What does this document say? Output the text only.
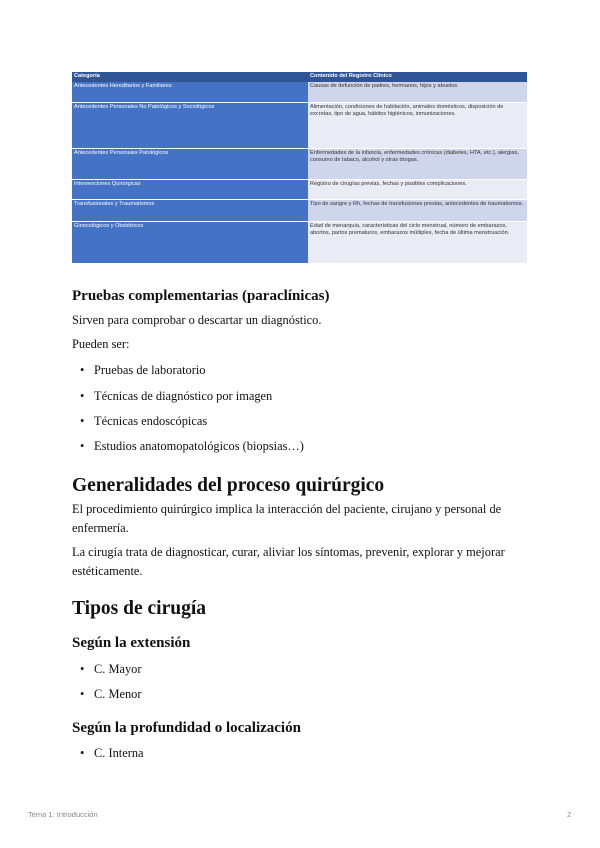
Categoría	Contenido del Registro Clínico
Antecedentes Hereditarios y Familiares	Causas de defunción de padres, hermanos, hijos y abuelos.
Antecedentes Personales No Patológicos y Sociológicos	Alimentación, condiciones de habitación, animales domésticos, disposición de excretas, tipo de agua, hábitos higiénicos, inmunizaciones.
Antecedentes Personales Patológicos	Enfermedades de la infancia, enfermedades crónicas (diabetes, HTA, etc.), alergias, consumo de tabaco, alcohol y otras drogas.
Intervenciones Quirúrgicas	Registro de cirugías previas, fechas y posibles complicaciones.
Transfusionales y Traumatismos	Tipo de sangre y Rh, fechas de transfusiones previas, antecedentes de traumatismos.
Ginecológicos y Obstétricos	Edad de menarquía, características del ciclo menstrual, número de embarazos, abortos, partos prematuros, embarazos múltiples, fecha de última menstruación.
Pruebas complementarias (paraclínicas)

Sirven para comprobar o descartar un diagnóstico.

Pueden ser:

• Pruebas de laboratorio

• Técnicas de diagnóstico por imagen

• Técnicas endoscópicas

• Estudios anatomopatológicos (biopsias…)

Generalidades del proceso quirúrgico

El procedimiento quirúrgico implica la interacción del paciente, cirujano y personal de enfermería.

La cirugía trata de diagnosticar, curar, aliviar los síntomas, prevenir, explorar y mejorar estéticamente.

Tipos de cirugía
Según la extensión

• C. Mayor

• C. Menor

Según la profundidad o localización

• C. Interna

Tema 1: Introducción	2
